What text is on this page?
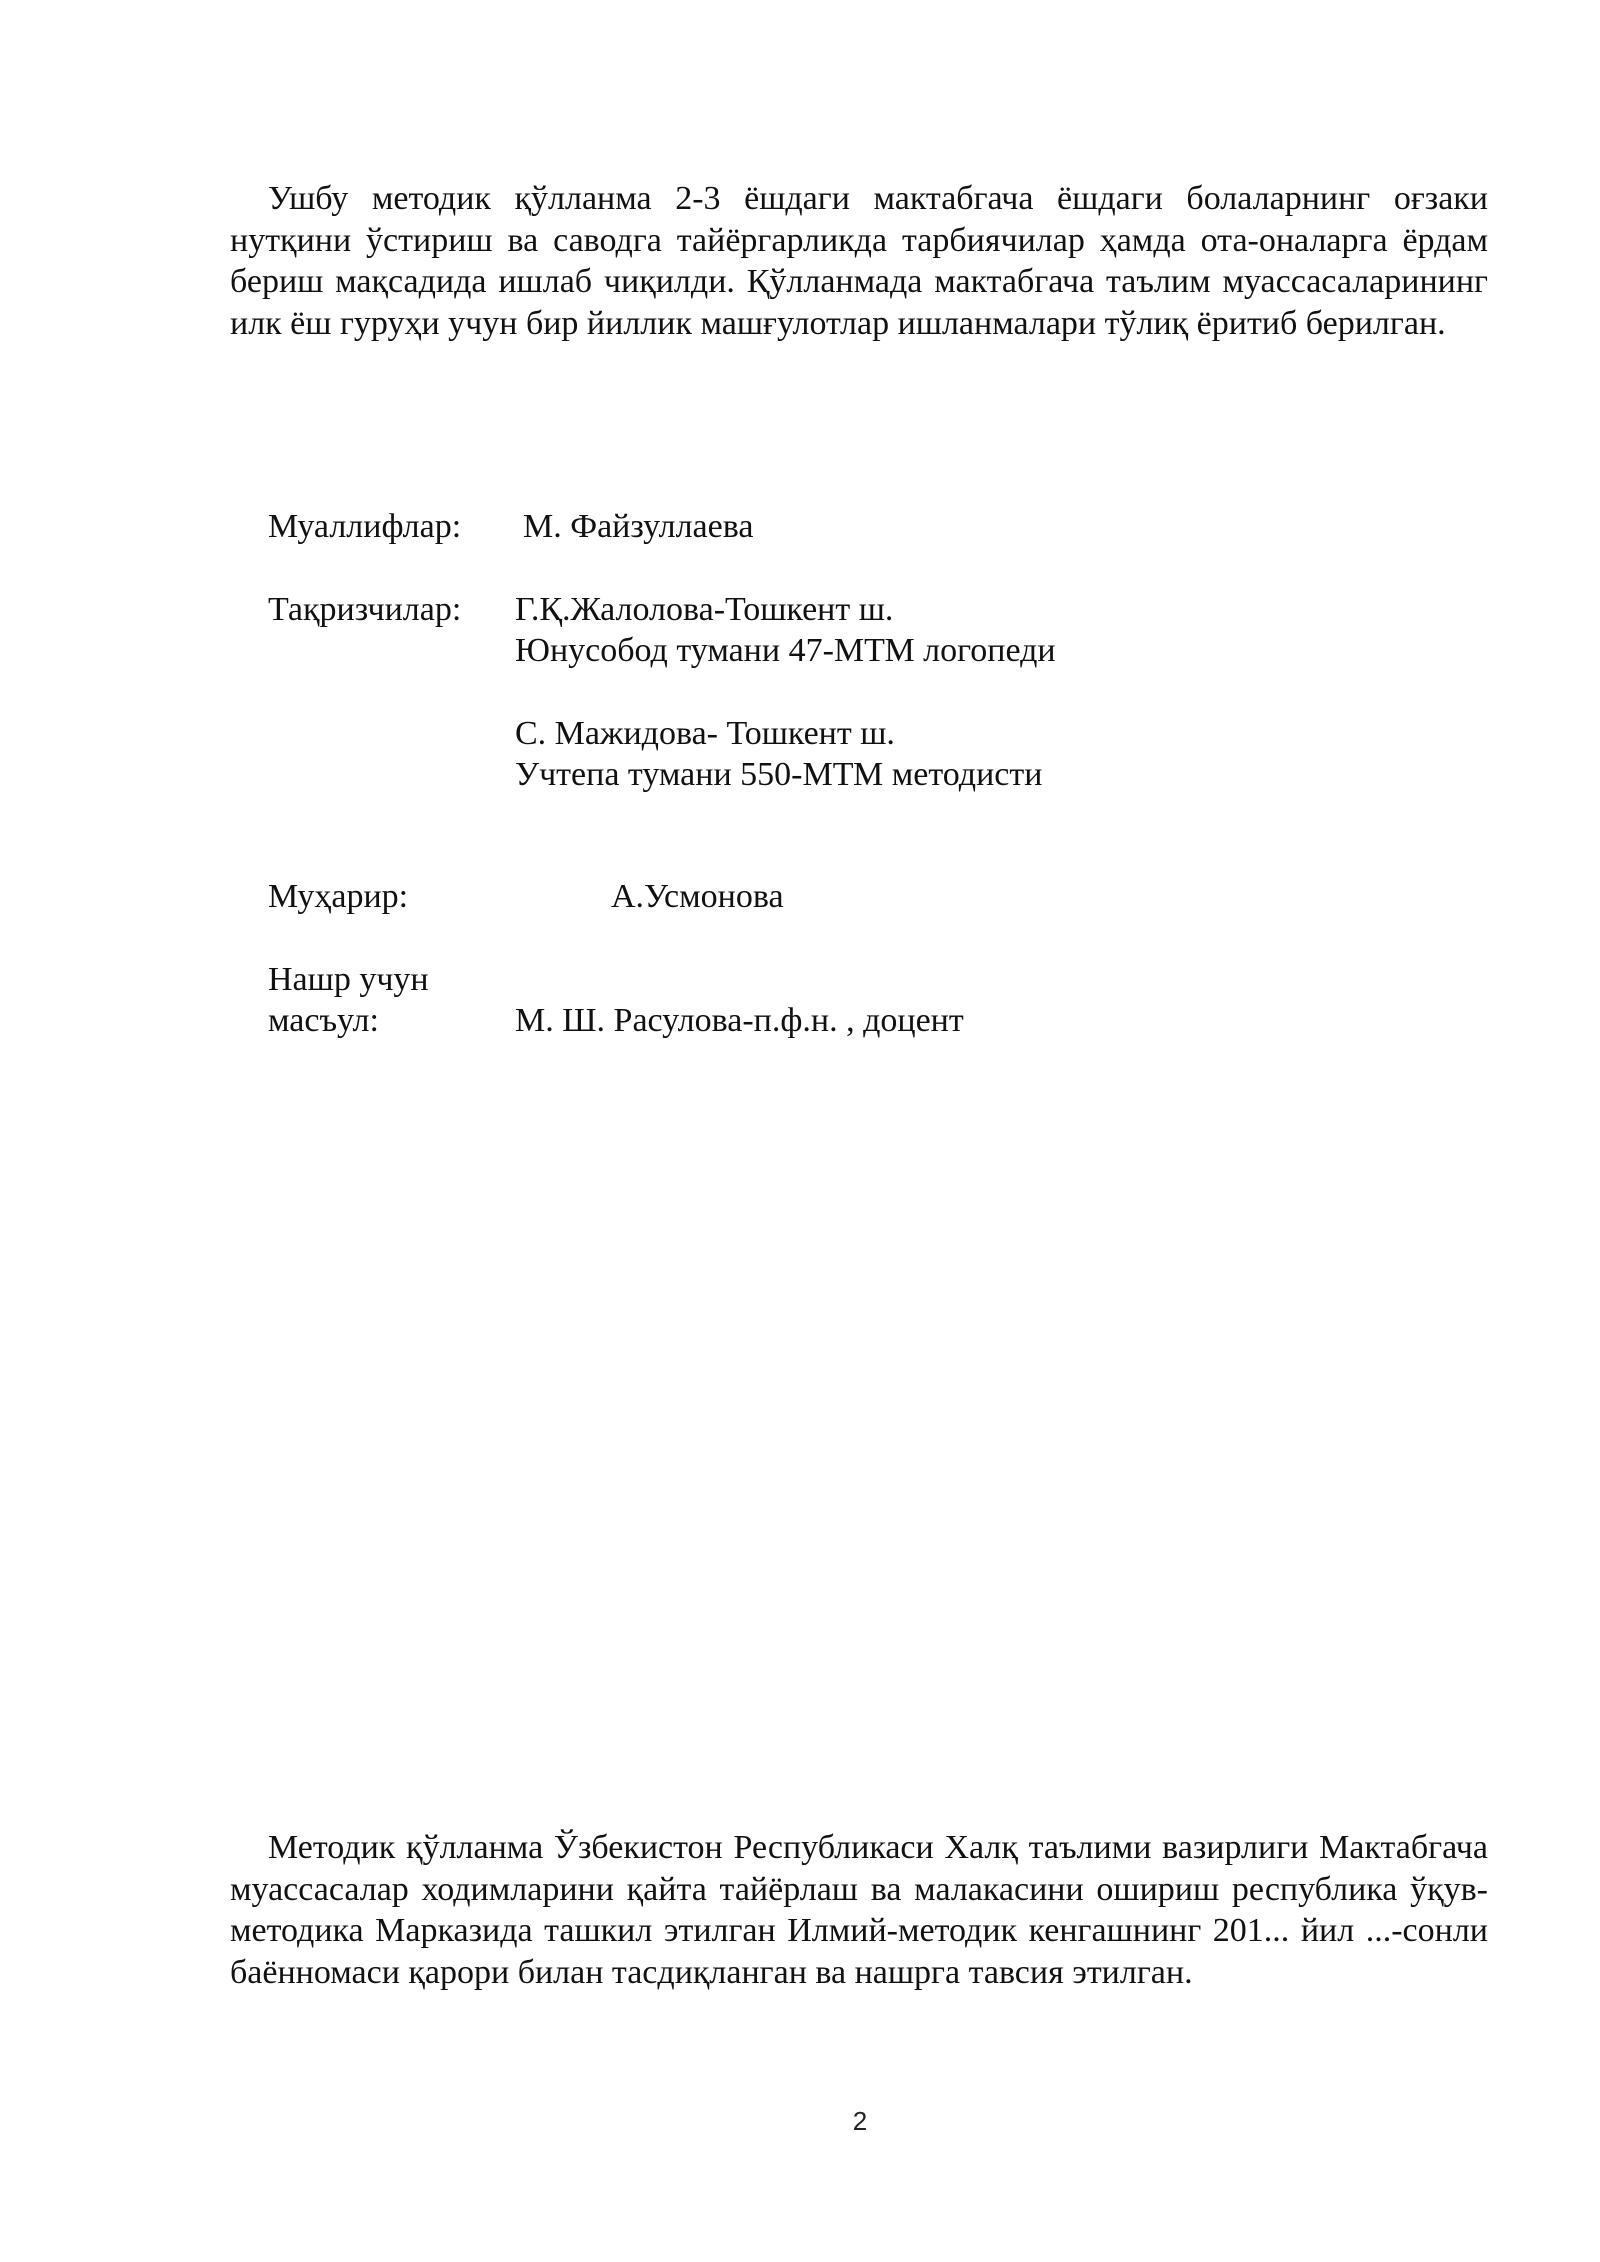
Ушбу методик қўлланма 2-3 ёшдаги мактабгача ёшдаги болаларнинг оғзаки нутқини ўстириш ва саводга тайёргарликда тарбиячилар ҳамда ота-оналарга ёрдам бериш мақсадида ишлаб чиқилди. Қўлланмада мактабгача таълим муассасаларининг илк ёш гуруҳи учун бир йиллик машғулотлар ишланмалари тўлиқ ёритиб берилган.

Муаллифлар: М. Файзуллаева
Тақризчилар: Г.Қ.Жалолова-Тошкент ш.
Юнусобод тумани 47-МТМ логопеди
С. Мажидова- Тошкент ш.
Учтепа тумани 550-МТМ методисти
Муҳарир:	А.Усмонова
Нашр учун
масъул:	М. Ш. Расулова-п.ф.н. , доцент

Методик қўлланма Ўзбекистон Республикаси Халқ таълими вазирлиги Мактабгача муассасалар ходимларини қайта тайёрлаш ва малакасини ошириш республика ўқув-методика Марказида ташкил этилган Илмий-методик кенгашнинг 201... йил ...-сонли баённомаси қарори билан тасдиқланган ва нашрга тавсия этилган.

2
